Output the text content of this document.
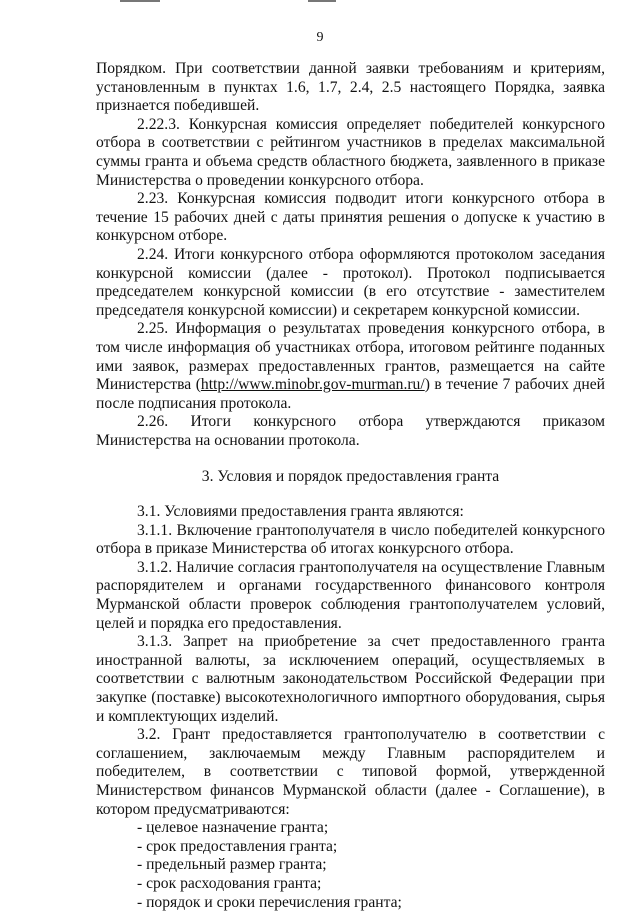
9

Порядком. При соответствии данной заявки требованиям и критериям, установленным в пунктах 1.6, 1.7, 2.4, 2.5 настоящего Порядка, заявка признается победившей.

2.22.3. Конкурсная комиссия определяет победителей конкурсного отбора в соответствии с рейтингом участников в пределах максимальной суммы гранта и объема средств областного бюджета, заявленного в приказе Министерства о проведении конкурсного отбора.

2.23. Конкурсная комиссия подводит итоги конкурсного отбора в течение 15 рабочих дней с даты принятия решения о допуске к участию в конкурсном отборе.

2.24. Итоги конкурсного отбора оформляются протоколом заседания конкурсной комиссии (далее - протокол). Протокол подписывается председателем конкурсной комиссии (в его отсутствие - заместителем председателя конкурсной комиссии) и секретарем конкурсной комиссии.

2.25. Информация о результатах проведения конкурсного отбора, в том числе информация об участниках отбора, итоговом рейтинге поданных ими заявок, размерах предоставленных грантов, размещается на сайте Министерства (http://www.minobr.gov-murman.ru/) в течение 7 рабочих дней после подписания протокола.

2.26. Итоги конкурсного отбора утверждаются приказом Министерства на основании протокола.

3. Условия и порядок предоставления гранта

3.1. Условиями предоставления гранта являются:

3.1.1. Включение грантополучателя в число победителей конкурсного отбора в приказе Министерства об итогах конкурсного отбора.

3.1.2. Наличие согласия грантополучателя на осуществление Главным распорядителем и органами государственного финансового контроля Мурманской области проверок соблюдения грантополучателем условий, целей и порядка его предоставления.

3.1.3. Запрет на приобретение за счет предоставленного гранта иностранной валюты, за исключением операций, осуществляемых в соответствии с валютным законодательством Российской Федерации при закупке (поставке) высокотехнологичного импортного оборудования, сырья и комплектующих изделий.

3.2. Грант предоставляется грантополучателю в соответствии с соглашением, заключаемым между Главным распорядителем и победителем, в соответствии с типовой формой, утвержденной Министерством финансов Мурманской области (далее - Соглашение), в котором предусматриваются:

- целевое назначение гранта;
- срок предоставления гранта;
- предельный размер гранта;
- срок расходования гранта;
- порядок и сроки перечисления гранта;
